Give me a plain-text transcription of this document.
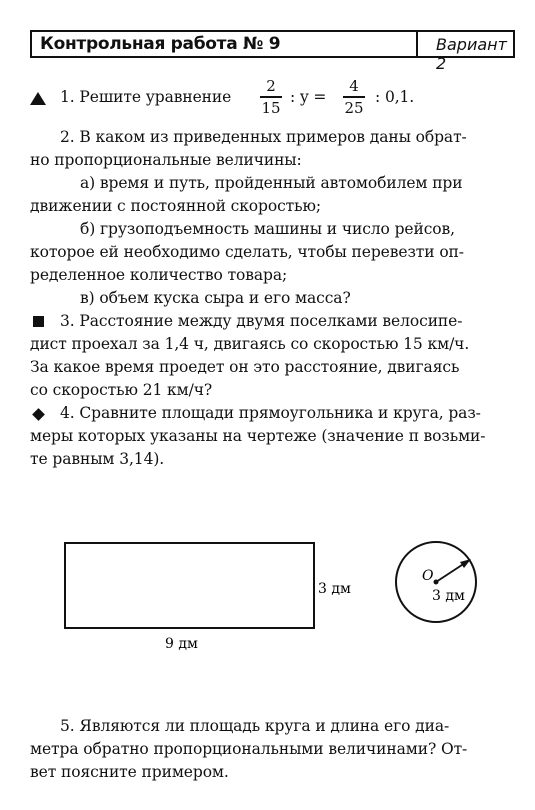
Контрольная работа № 9	Вариант 2
1. Решите уравнение
2
15
: y =
4
25
: 0,1.
2. В каком из приведенных примеров даны обрат-
но пропорциональные величины:
а) время и путь, пройденный автомобилем при
движении с постоянной скоростью;
б) грузоподъемность машины и число рейсов,
которое ей необходимо сделать, чтобы перевезти оп-
ределенное количество товара;
в) объем куска сыра и его масса?
3. Расстояние между двумя поселками велосипе-
дист проехал за 1,4 ч, двигаясь со скоростью 15 км/ч.
За какое время проедет он это расстояние, двигаясь
со скоростью 21 км/ч?
4. Сравните площади прямоугольника и круга, раз-
меры которых указаны на чертеже (значение π возьми-
те равным 3,14).
3 дм
9 дм
O
3 дм
5. Являются ли площадь круга и длина его диа-
метра обратно пропорциональными величинами? От-
вет поясните примером.
